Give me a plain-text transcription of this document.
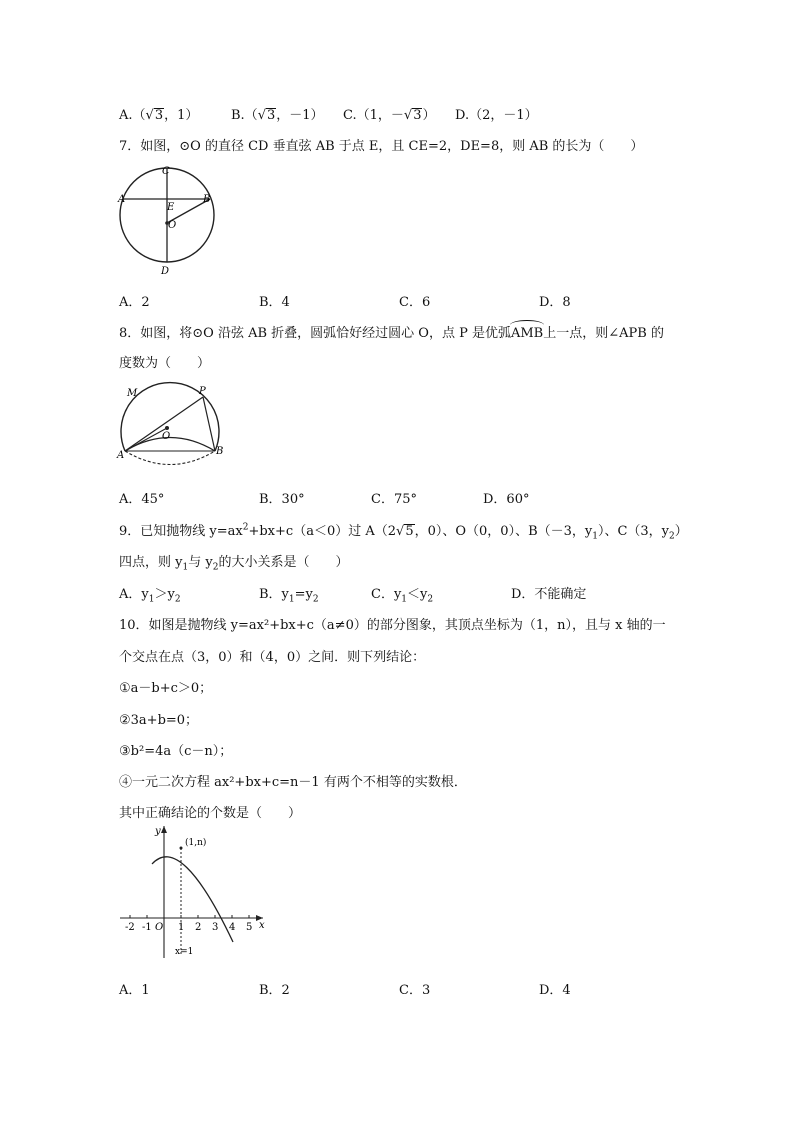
A.（√3，1）	B.（√3，－1） C.（1，－√3） D.（2，－1）
7．如图，⊙O 的直径 CD 垂直弦 AB 于点 E，且 CE=2，DE=8，则 AB 的长为（　　）
C
A	B
E
O
D
A．2	B．4	C．6	D．8
8．如图，将⊙O 沿弦 AB 折叠，圆弧恰好经过圆心 O，点 P 是优弧AMB上一点，则∠APB 的
度数为（　　）
M	P
O
A	B
A．45°	B．30°	C．75°	D．60°
9．已知抛物线 $y=ax^2+bx+c(a<0)$过 A（2√5，0）、O（0，0）、B（－3，$y_1$）、C（3，$y_2$）
四点，则 $y_1$与 $y_2$的大小关系是（　　）
A．$y_1>y_2$	B．$y_1=y_2$	C．$y_1<y_2$	D．不能确定
10．如图是抛物线 y=ax²+bx+c（a≠0）的部分图象，其顶点坐标为（1，n），且与 x 轴的一
个交点在点（3，0）和（4，0）之间．则下列结论：
①a－b+c＞0；
②3a+b=0；
③b²=4a（c－n）；
④一元二次方程 ax²+bx+c=n－1 有两个不相等的实数根．
其中正确结论的个数是（　　）
y
x
(1,n)
O
-2 -1	1 2 3 4 5
x=1
A．1	B．2	C．3	D．4
